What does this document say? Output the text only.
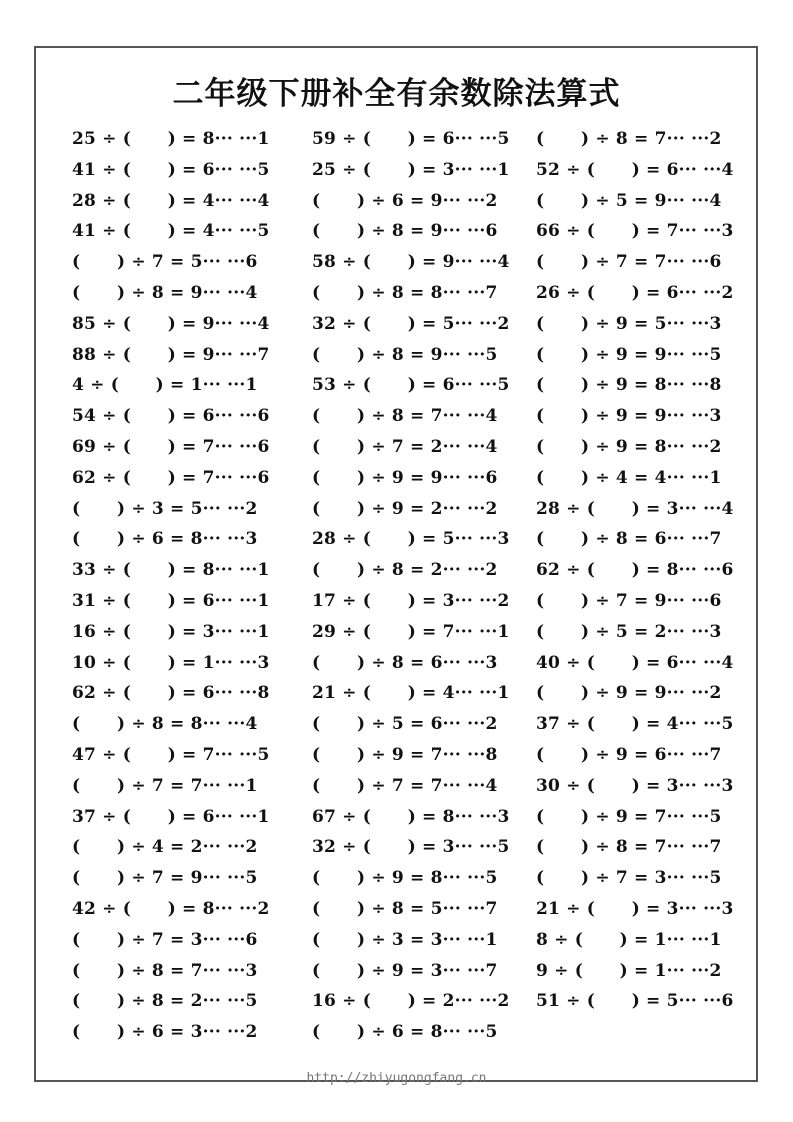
二年级下册补全有余数除法算式
25 ÷ (      ) = 8··· ···1
41 ÷ (      ) = 6··· ···5
28 ÷ (      ) = 4··· ···4
41 ÷ (      ) = 4··· ···5
(      ) ÷ 7 = 5··· ···6
(      ) ÷ 8 = 9··· ···4
85 ÷ (      ) = 9··· ···4
88 ÷ (      ) = 9··· ···7
4 ÷ (      ) = 1··· ···1
54 ÷ (      ) = 6··· ···6
69 ÷ (      ) = 7··· ···6
62 ÷ (      ) = 7··· ···6
(      ) ÷ 3 = 5··· ···2
(      ) ÷ 6 = 8··· ···3
33 ÷ (      ) = 8··· ···1
31 ÷ (      ) = 6··· ···1
16 ÷ (      ) = 3··· ···1
10 ÷ (      ) = 1··· ···3
62 ÷ (      ) = 6··· ···8
(      ) ÷ 8 = 8··· ···4
47 ÷ (      ) = 7··· ···5
(      ) ÷ 7 = 7··· ···1
37 ÷ (      ) = 6··· ···1
(      ) ÷ 4 = 2··· ···2
(      ) ÷ 7 = 9··· ···5
42 ÷ (      ) = 8··· ···2
(      ) ÷ 7 = 3··· ···6
(      ) ÷ 8 = 7··· ···3
(      ) ÷ 8 = 2··· ···5
(      ) ÷ 6 = 3··· ···2
59 ÷ (      ) = 6··· ···5
25 ÷ (      ) = 3··· ···1
(      ) ÷ 6 = 9··· ···2
(      ) ÷ 8 = 9··· ···6
58 ÷ (      ) = 9··· ···4
(      ) ÷ 8 = 8··· ···7
32 ÷ (      ) = 5··· ···2
(      ) ÷ 8 = 9··· ···5
53 ÷ (      ) = 6··· ···5
(      ) ÷ 8 = 7··· ···4
(      ) ÷ 7 = 2··· ···4
(      ) ÷ 9 = 9··· ···6
(      ) ÷ 9 = 2··· ···2
28 ÷ (      ) = 5··· ···3
(      ) ÷ 8 = 2··· ···2
17 ÷ (      ) = 3··· ···2
29 ÷ (      ) = 7··· ···1
(      ) ÷ 8 = 6··· ···3
21 ÷ (      ) = 4··· ···1
(      ) ÷ 5 = 6··· ···2
(      ) ÷ 9 = 7··· ···8
(      ) ÷ 7 = 7··· ···4
67 ÷ (      ) = 8··· ···3
32 ÷ (      ) = 3··· ···5
(      ) ÷ 9 = 8··· ···5
(      ) ÷ 8 = 5··· ···7
(      ) ÷ 3 = 3··· ···1
(      ) ÷ 9 = 3··· ···7
16 ÷ (      ) = 2··· ···2
(      ) ÷ 6 = 8··· ···5
(      ) ÷ 8 = 7··· ···2
52 ÷ (      ) = 6··· ···4
(      ) ÷ 5 = 9··· ···4
66 ÷ (      ) = 7··· ···3
(      ) ÷ 7 = 7··· ···6
26 ÷ (      ) = 6··· ···2
(      ) ÷ 9 = 5··· ···3
(      ) ÷ 9 = 9··· ···5
(      ) ÷ 9 = 8··· ···8
(      ) ÷ 9 = 9··· ···3
(      ) ÷ 9 = 8··· ···2
(      ) ÷ 4 = 4··· ···1
28 ÷ (      ) = 3··· ···4
(      ) ÷ 8 = 6··· ···7
62 ÷ (      ) = 8··· ···6
(      ) ÷ 7 = 9··· ···6
(      ) ÷ 5 = 2··· ···3
40 ÷ (      ) = 6··· ···4
(      ) ÷ 9 = 9··· ···2
37 ÷ (      ) = 4··· ···5
(      ) ÷ 9 = 6··· ···7
30 ÷ (      ) = 3··· ···3
(      ) ÷ 9 = 7··· ···5
(      ) ÷ 8 = 7··· ···7
(      ) ÷ 7 = 3··· ···5
21 ÷ (      ) = 3··· ···3
8 ÷ (      ) = 1··· ···1
9 ÷ (      ) = 1··· ···2
51 ÷ (      ) = 5··· ···6
http://zhiyugongfang.cn
